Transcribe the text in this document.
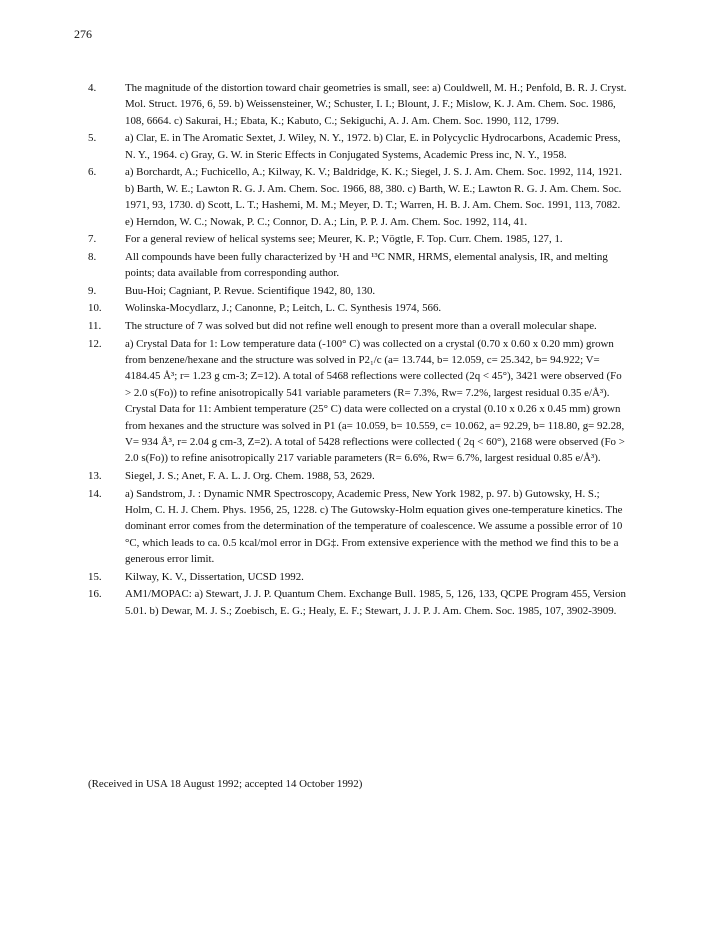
276
4.	The magnitude of the distortion toward chair geometries is small, see: a) Couldwell, M. H.; Penfold, B. R. J. Cryst. Mol. Struct. 1976, 6, 59. b) Weissensteiner, W.; Schuster, I. I.; Blount, J. F.; Mislow, K. J. Am. Chem. Soc. 1986, 108, 6664. c) Sakurai, H.; Ebata, K.; Kabuto, C.; Sekiguchi, A. J. Am. Chem. Soc. 1990, 112, 1799.
5.	a) Clar, E. in The Aromatic Sextet, J. Wiley, N. Y., 1972. b) Clar, E. in Polycyclic Hydrocarbons, Academic Press, N. Y., 1964. c) Gray, G. W. in Steric Effects in Conjugated Systems, Academic Press inc, N. Y., 1958.
6.	a) Borchardt, A.; Fuchicello, A.; Kilway, K. V.; Baldridge, K. K.; Siegel, J. S. J. Am. Chem. Soc. 1992, 114, 1921. b) Barth, W. E.; Lawton R. G. J. Am. Chem. Soc. 1966, 88, 380. c) Barth, W. E.; Lawton R. G. J. Am. Chem. Soc. 1971, 93, 1730. d) Scott, L. T.; Hashemi, M. M.; Meyer, D. T.; Warren, H. B. J. Am. Chem. Soc. 1991, 113, 7082. e) Herndon, W. C.; Nowak, P. C.; Connor, D. A.; Lin, P. P. J. Am. Chem. Soc. 1992, 114, 41.
7.	For a general review of helical systems see; Meurer, K. P.; Vögtle, F. Top. Curr. Chem. 1985, 127, 1.
8.	All compounds have been fully characterized by ¹H and ¹³C NMR, HRMS, elemental analysis, IR, and melting points; data available from corresponding author.
9.	Buu-Hoi; Cagniant, P. Revue. Scientifique 1942, 80, 130.
10.	Wolinska-Mocydlarz, J.; Canonne, P.; Leitch, L. C. Synthesis 1974, 566.
11.	The structure of 7 was solved but did not refine well enough to present more than a overall molecular shape.
12.	a) Crystal Data for 1: Low temperature data (-100° C) was collected on a crystal (0.70 x 0.60 x 0.20 mm) grown from benzene/hexane and the structure was solved in P2₁/c (a= 13.744, b= 12.059, c= 25.342, b= 94.922; V= 4184.45 Å³; r= 1.23 g cm-3; Z=12). A total of 5468 reflections were collected (2q < 45°), 3421 were observed (Fo > 2.0 s(Fo)) to refine anisotropically 541 variable parameters (R= 7.3%, Rw= 7.2%, largest residual 0.35 e/Å³). Crystal Data for 11: Ambient temperature (25° C) data were collected on a crystal (0.10 x 0.26 x 0.45 mm) grown from hexanes and the structure was solved in P1 (a= 10.059, b= 10.559, c= 10.062, a= 92.29, b= 118.80, g= 92.28, V= 934 Å³, r= 2.04 g cm-3, Z=2). A total of 5428 reflections were collected ( 2q < 60°), 2168 were observed (Fo > 2.0 s(Fo)) to refine anisotropically 217 variable parameters (R= 6.6%, Rw= 6.7%, largest residual 0.85 e/Å³).
13.	Siegel, J. S.; Anet, F. A. L. J. Org. Chem. 1988, 53, 2629.
14.	a) Sandstrom, J. : Dynamic NMR Spectroscopy, Academic Press, New York 1982, p. 97. b) Gutowsky, H. S.; Holm, C. H. J. Chem. Phys. 1956, 25, 1228. c) The Gutowsky-Holm equation gives one-temperature kinetics. The dominant error comes from the determination of the temperature of coalescence. We assume a possible error of 10 °C, which leads to ca. 0.5 kcal/mol error in DG‡. From extensive experience with the method we find this to be a generous error limit.
15.	Kilway, K. V., Dissertation, UCSD 1992.
16.	AM1/MOPAC: a) Stewart, J. J. P. Quantum Chem. Exchange Bull. 1985, 5, 126, 133, QCPE Program 455, Version 5.01. b) Dewar, M. J. S.; Zoebisch, E. G.; Healy, E. F.; Stewart, J. J. P. J. Am. Chem. Soc. 1985, 107, 3902-3909.
(Received in USA 18 August 1992; accepted 14 October 1992)
